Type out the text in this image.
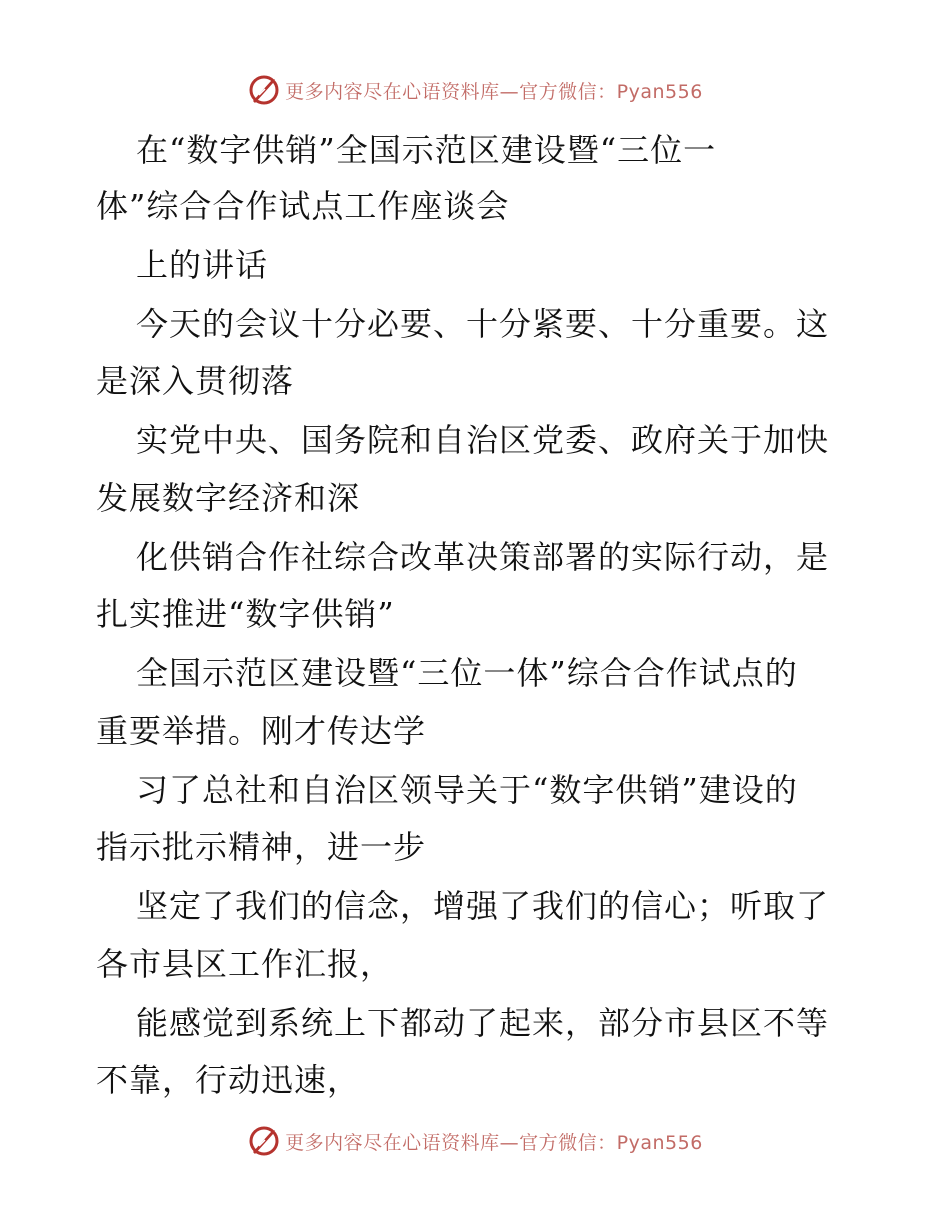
更多内容尽在心语资料库—官方微信：Pyan556
在“数字供销”全国示范区建设暨“三位一
体”综合合作试点工作座谈会
上的讲话
今天的会议十分必要、十分紧要、十分重要。这
是深入贯彻落
实党中央、国务院和自治区党委、政府关于加快
发展数字经济和深
化供销合作社综合改革决策部署的实际行动，是
扎实推进“数字供销”
全国示范区建设暨“三位一体”综合合作试点的
重要举措。刚才传达学
习了总社和自治区领导关于“数字供销”建设的
指示批示精神，进一步
坚定了我们的信念，增强了我们的信心；听取了
各市县区工作汇报，
能感觉到系统上下都动了起来，部分市县区不等
不靠，行动迅速，
更多内容尽在心语资料库—官方微信：Pyan556
